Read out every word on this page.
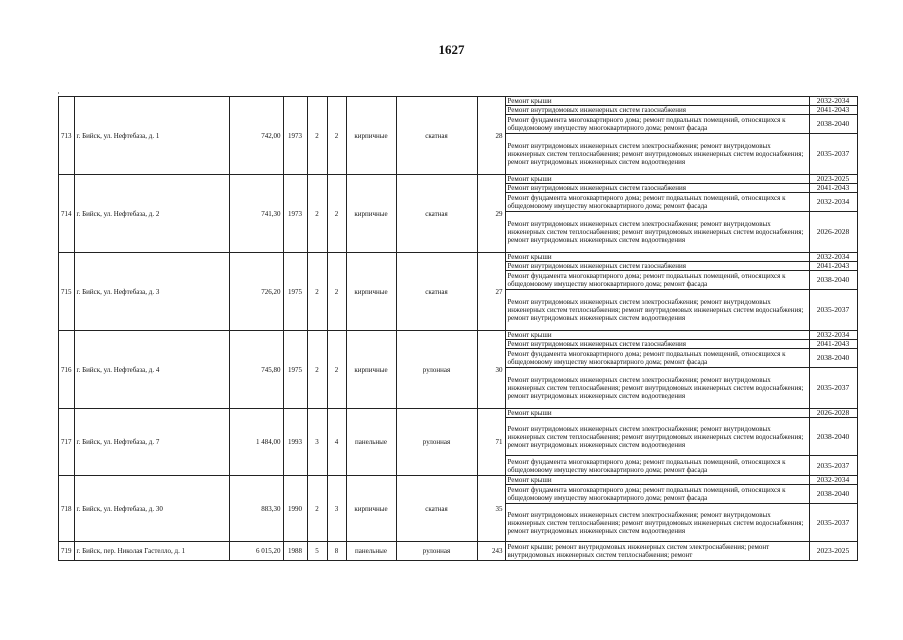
1627
713	г. Бийск, ул. Нефтебаза, д. 1	742,00	1973	2	2	кирпичные	скатная	28	Ремонт крыши	2032-2034
									Ремонт внутридомовых инженерных систем газоснабжения	2041-2043
									Ремонт фундамента многоквартирного дома; ремонт подвальных помещений, относящихся к общедомовому имуществу многоквартирного дома; ремонт фасада	2038-2040
									Ремонт внутридомовых инженерных систем электроснабжения; ремонт внутридомовых инженерных систем теплоснабжения; ремонт внутридомовых инженерных систем водоснабжения; ремонт внутридомовых инженерных систем водоотведения	2035-2037
714	г. Бийск, ул. Нефтебаза, д. 2	741,30	1973	2	2	кирпичные	скатная	29	Ремонт крыши	2023-2025
									Ремонт внутридомовых инженерных систем газоснабжения	2041-2043
									Ремонт фундамента многоквартирного дома; ремонт подвальных помещений, относящихся к общедомовому имуществу многоквартирного дома; ремонт фасада	2032-2034
									Ремонт внутридомовых инженерных систем электроснабжения; ремонт внутридомовых инженерных систем теплоснабжения; ремонт внутридомовых инженерных систем водоснабжения; ремонт внутридомовых инженерных систем водоотведения	2026-2028
715	г. Бийск, ул. Нефтебаза, д. 3	726,20	1975	2	2	кирпичные	скатная	27	Ремонт крыши	2032-2034
									Ремонт внутридомовых инженерных систем газоснабжения	2041-2043
									Ремонт фундамента многоквартирного дома; ремонт подвальных помещений, относящихся к общедомовому имуществу многоквартирного дома; ремонт фасада	2038-2040
									Ремонт внутридомовых инженерных систем электроснабжения; ремонт внутридомовых инженерных систем теплоснабжения; ремонт внутридомовых инженерных систем водоснабжения; ремонт внутридомовых инженерных систем водоотведения	2035-2037
716	г. Бийск, ул. Нефтебаза, д. 4	745,80	1975	2	2	кирпичные	рулонная	30	Ремонт крыши	2032-2034
									Ремонт внутридомовых инженерных систем газоснабжения	2041-2043
									Ремонт фундамента многоквартирного дома; ремонт подвальных помещений, относящихся к общедомовому имуществу многоквартирного дома; ремонт фасада	2038-2040
									Ремонт внутридомовых инженерных систем электроснабжения; ремонт внутридомовых инженерных систем теплоснабжения; ремонт внутридомовых инженерных систем водоснабжения; ремонт внутридомовых инженерных систем водоотведения	2035-2037
717	г. Бийск, ул. Нефтебаза, д. 7	1 484,00	1993	3	4	панельные	рулонная	71	Ремонт крыши	2026-2028
									Ремонт внутридомовых инженерных систем электроснабжения; ремонт внутридомовых инженерных систем теплоснабжения; ремонт внутридомовых инженерных систем водоснабжения; ремонт внутридомовых инженерных систем водоотведения	2038-2040
									Ремонт фундамента многоквартирного дома; ремонт подвальных помещений, относящихся к общедомовому имуществу многоквартирного дома; ремонт фасада	2035-2037
718	г. Бийск, ул. Нефтебаза, д. 30	883,30	1990	2	3	кирпичные	скатная	35	Ремонт крыши	2032-2034
									Ремонт фундамента многоквартирного дома; ремонт подвальных помещений, относящихся к общедомовому имуществу многоквартирного дома; ремонт фасада	2038-2040
									Ремонт внутридомовых инженерных систем электроснабжения; ремонт внутридомовых инженерных систем теплоснабжения; ремонт внутридомовых инженерных систем водоснабжения; ремонт внутридомовых инженерных систем водоотведения	2035-2037
719	г. Бийск, пер. Николая Гастелло, д. 1	6 015,20	1988	5	8	панельные	рулонная	243	Ремонт крыши; ремонт внутридомовых инженерных систем электроснабжения; ремонт внутридомовых инженерных систем теплоснабжения; ремонт	2023-2025
